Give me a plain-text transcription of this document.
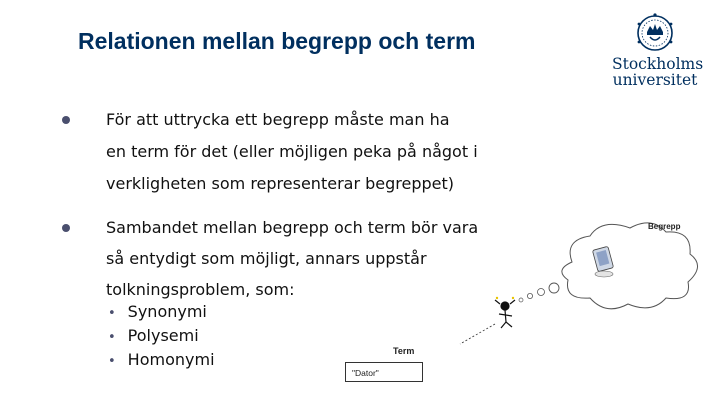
Relationen mellan begrepp och term
Stockholms
universitet
För att uttrycka ett begrepp måste man ha
en term för det (eller möjligen peka på något i
verkligheten som representerar begreppet)
Sambandet mellan begrepp och term bör vara
så entydigt som möjligt, annars uppstår
tolkningsproblem, som:
• Synonymi
• Polysemi
• Homonymi
Begrepp
Term
"Dator"
